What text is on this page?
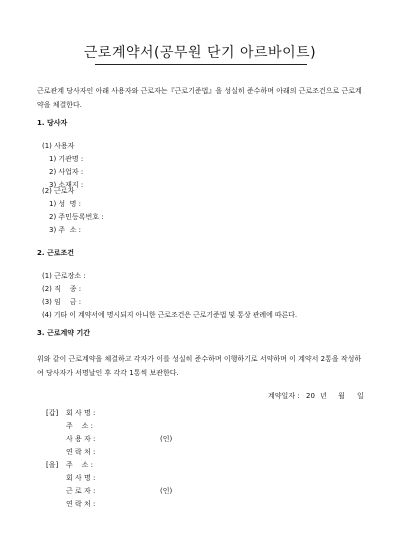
근로계약서(공무원 단기 아르바이트)
근로관계 당사자인 아래 사용자와 근로자는『근로기준법』을 성실히 준수하며 아래의 근로조건으로 근로계약을 체결한다.
1. 당사자
(1) 사용자
1) 기관명 :
2) 사업자 :
3) 소재지 :
(2) 근로자
1) 성  명 :
2) 주민등록번호 :
3) 주  소 :
2. 근로조건
(1) 근로장소 :
(2) 직    종 :
(3) 임    금 :
(4) 기타 이 계약서에 명시되지 아니한 근로조건은 근로기준법 및 통상 관례에 따른다.
3. 근로계약 기간
위와 같이 근로계약을 체결하고 각자가 이를 성실히 준수하며 이행하기로 서약하며 이 계약서 2통을 작성하여 당사자가 서명날인 후 각각 1통씩 보관한다.
계약일자 : 20 년 월 일
[갑] 회 사 명 :
주    소 :
사 용 자 :	(인)
연 락 처 :
[을] 주    소 :
회 사 명 :
근 로 자 :	(인)
연 락 처 :
